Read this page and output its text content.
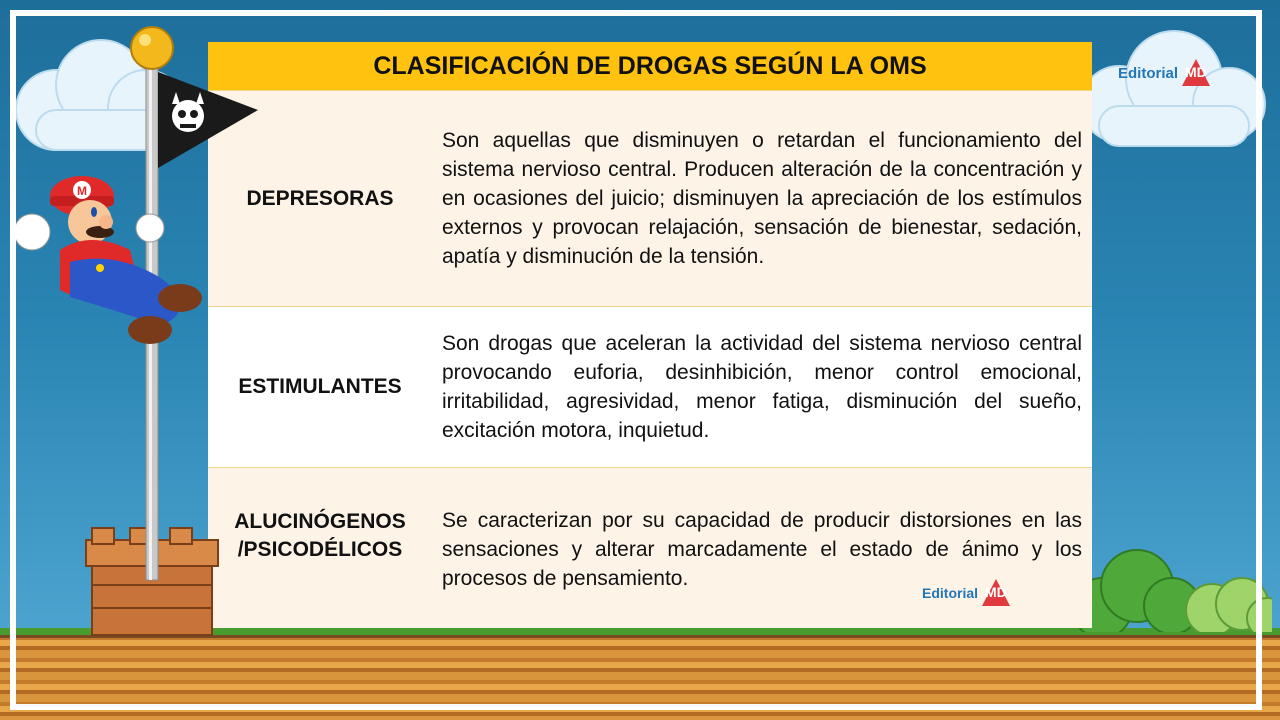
M
CLASIFICACIÓN DE DROGAS SEGÚN LA OMS
DEPRESORAS
Son aquellas que disminuyen o retardan el funcionamiento del sistema nervioso central. Producen alteración de la concentración y en ocasiones del juicio; disminuyen la apreciación de los estímulos externos y provocan relajación, sensación de bienestar, sedación, apatía y disminución de la tensión.
ESTIMULANTES
Son drogas que aceleran la actividad del sistema nervioso central provocando euforia, desinhibición, menor control emocional, irritabilidad, agresividad, menor fatiga, disminución del sueño, excitación motora, inquietud.
ALUCINÓGENOS
/PSICODÉLICOS
Se caracterizan por su capacidad de producir distorsiones en las sensaciones y alterar marcadamente el estado de ánimo y los procesos de pensamiento.
Editorial MD
Editorial MD
